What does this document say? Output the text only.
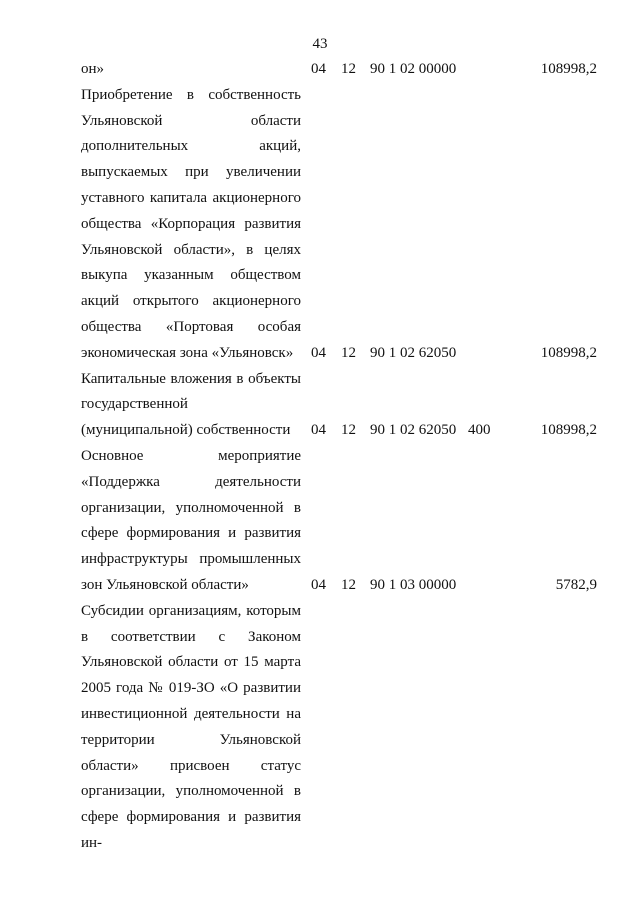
43
он»	04 12 90 1 02 00000	108998,2
Приобретение в собственность Ульяновской области дополнительных акций, выпускаемых при увеличении уставного капитала акционерного общества «Корпорация развития Ульяновской области», в целях выкупа указанным обществом акций открытого акционерного общества «Портовая особая экономическая зона «Ульяновск»	04 12 90 1 02 62050	108998,2
Капитальные вложения в объекты государственной (муниципальной) собственности	04 12 90 1 02 62050 400	108998,2
Основное мероприятие «Поддержка деятельности организации, уполномоченной в сфере формирования и развития инфраструктуры промышленных зон Ульяновской области»	04 12 90 1 03 00000	5782,9
Субсидии организациям, которым в соответствии с Законом Ульяновской области от 15 марта 2005 года № 019-ЗО «О развитии инвестиционной деятельности на территории Ульяновской области» присвоен статус организации, уполномоченной в сфере формирования и развития ин-
